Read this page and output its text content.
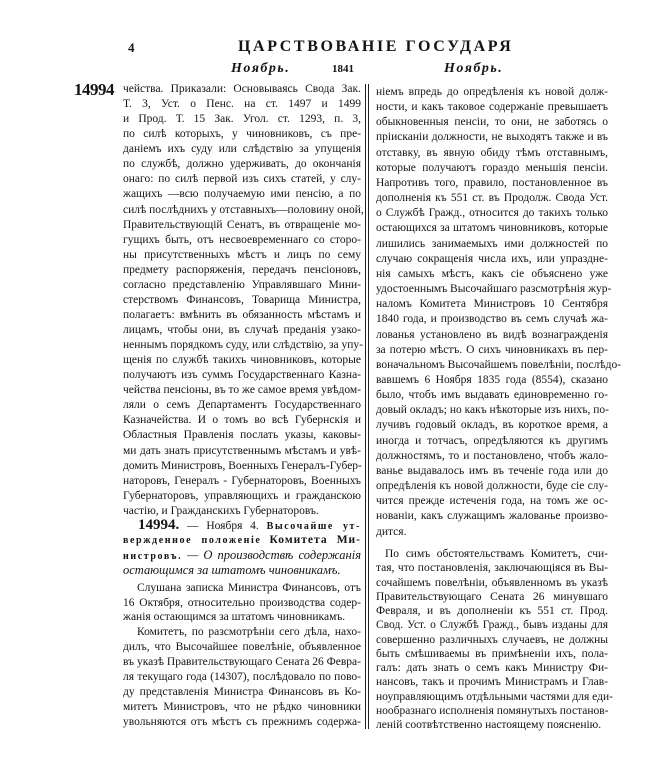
4	ЦАРСТВОВАНІЕ ГОСУДАРЯ
Ноябрь.	1841	Ноябрь.
14994 чейства. Приказали: Основываясь Свода Зак.
Т. 3, Уст. о Пенс. на ст. 1497 и 1499
и Прод. Т. 15 Зак. Угол. ст. 1293, п. 3,
по силѣ которыхъ, у чиновниковъ, съ пре-
даніемъ ихъ суду или слѣдствію за упущенія
по службѣ, должно удерживать, до окончанія
онаго: по силѣ первой изъ сихъ статей, у слу-
жащихъ —всю получаемую ими пенсію, а по
силѣ послѣднихъ у отставныхъ—половину оной,
Правительствующій Сенатъ, въ отвращеніе мо-
гущихъ быть, отъ несвоевременнаго со сторо-
ны присутственныхъ мѣстъ и лицъ по сему
предмету распоряженія, передачъ пенсіоновъ,
согласно представленію Управлявшаго Мини-
стерствомъ Финансовъ, Товарища Министра,
полагаетъ: вмѣнить въ обязанность мѣстамъ и
лицамъ, чтобы они, въ случаѣ преданія узако-
неннымъ порядкомъ суду, или слѣдствію, за упу-
щенія по службѣ такихъ чиновниковъ, которые
получаютъ изъ суммъ Государственнаго Казна-
чейства пенсіоны, въ то же самое время увѣдом-
ляли о семъ Департаментъ Государственнаго
Казначейства. И о томъ во всѣ Губернскія и
Областныя Правленія послать указы, каковы-
ми дать знать присутственнымъ мѣстамъ и увѣ-
домить Министровъ, Военныхъ Генералъ-Губер-
наторовъ, Генералъ - Губернаторовъ, Военныхъ
Губернаторовъ, управляющихъ и гражданскою
частію, и Гражданскихъ Губернаторовъ.
14994. — Ноября 4. Высочайше ут-
вержденное положеніе Комитета Ми-
нистровъ. — О производствѣ содержанія
остающимся за штатомъ чиновникамъ.
Слушана записка Министра Финансовъ, отъ
16 Октября, относительно производства содер-
жанія остающимся за штатомъ чиновникамъ.
Комитетъ, по разсмотрѣніи сего дѣла, нахо-
дилъ, что Высочайшее повелѣніе, объявленное
въ указѣ Правительствующаго Сената 26 Февра-
ля текущаго года (14307), послѣдовало по пово-
ду представленія Министра Финансовъ въ Ко-
митетъ Министровъ, что не рѣдко чиновники
увольняются отъ мѣстъ съ прежнимъ содержа-
ніемъ впредь до опредѣленія къ новой долж-
ности, и какъ таковое содержаніе превышаетъ
обыкновенныя пенсіи, то они, не заботясь о
пріисканіи должности, не выходятъ также и въ
отставку, въ явную обиду тѣмъ отставнымъ,
которые получаютъ гораздо меньшія пенсіи.
Напротивъ того, правило, постановленное въ
дополненія къ 551 ст. въ Продолж. Свода Уст.
о Службѣ Гражд., относится до такихъ только
остающихся за штатомъ чиновниковъ, которые
лишились занимаемыхъ ими должностей по
случаю сокращенія числа ихъ, или упраздне-
нія самыхъ мѣстъ, какъ сіе объяснено уже
удостоеннымъ Высочайшаго разсмотрѣнія жур-
наломъ Комитета Министровъ 10 Сентября
1840 года, и производство въ семъ случаѣ жа-
лованья установлено въ видѣ вознагражденія
за потерю мѣстъ. О сихъ чиновникахъ въ пер-
воначальномъ Высочайшемъ повелѣніи, послѣдо-
вавшемъ 6 Ноября 1835 года (8554), сказано
было, чтобъ имъ выдавать единовременно го-
довый окладъ; но какъ нѣкоторые изъ нихъ, по-
лучивъ годовый окладъ, въ короткое время, а
иногда и тотчасъ, опредѣляются къ другимъ
должностямъ, то и постановлено, чтобъ жало-
ванье выдавалось имъ въ теченіе года или до
опредѣленія къ новой должности, буде сіе слу-
чится прежде истеченія года, на томъ же ос-
нованіи, какъ служащимъ жалованье произво-
дится.
По симъ обстоятельствамъ Комитетъ, счи-
тая, что постановленія, заключающіяся въ Вы-
сочайшемъ повелѣніи, объявленномъ въ указѣ
Правительствующаго Сената 26 минувшаго
Февраля, и въ дополненіи къ 551 ст. Прод.
Свод. Уст. о Службѣ Гражд., бывъ изданы для
совершенно различныхъ случаевъ, не должны
быть смѣшиваемы въ примѣненіи ихъ, пола-
галъ: дать знать о семъ какъ Министру Фи-
нансовъ, такъ и прочимъ Министрамъ и Глав-
ноуправляющимъ отдѣльными частями для еди-
нообразнаго исполненія помянутыхъ постанов-
леній соотвѣтственно настоящему поясненію.
